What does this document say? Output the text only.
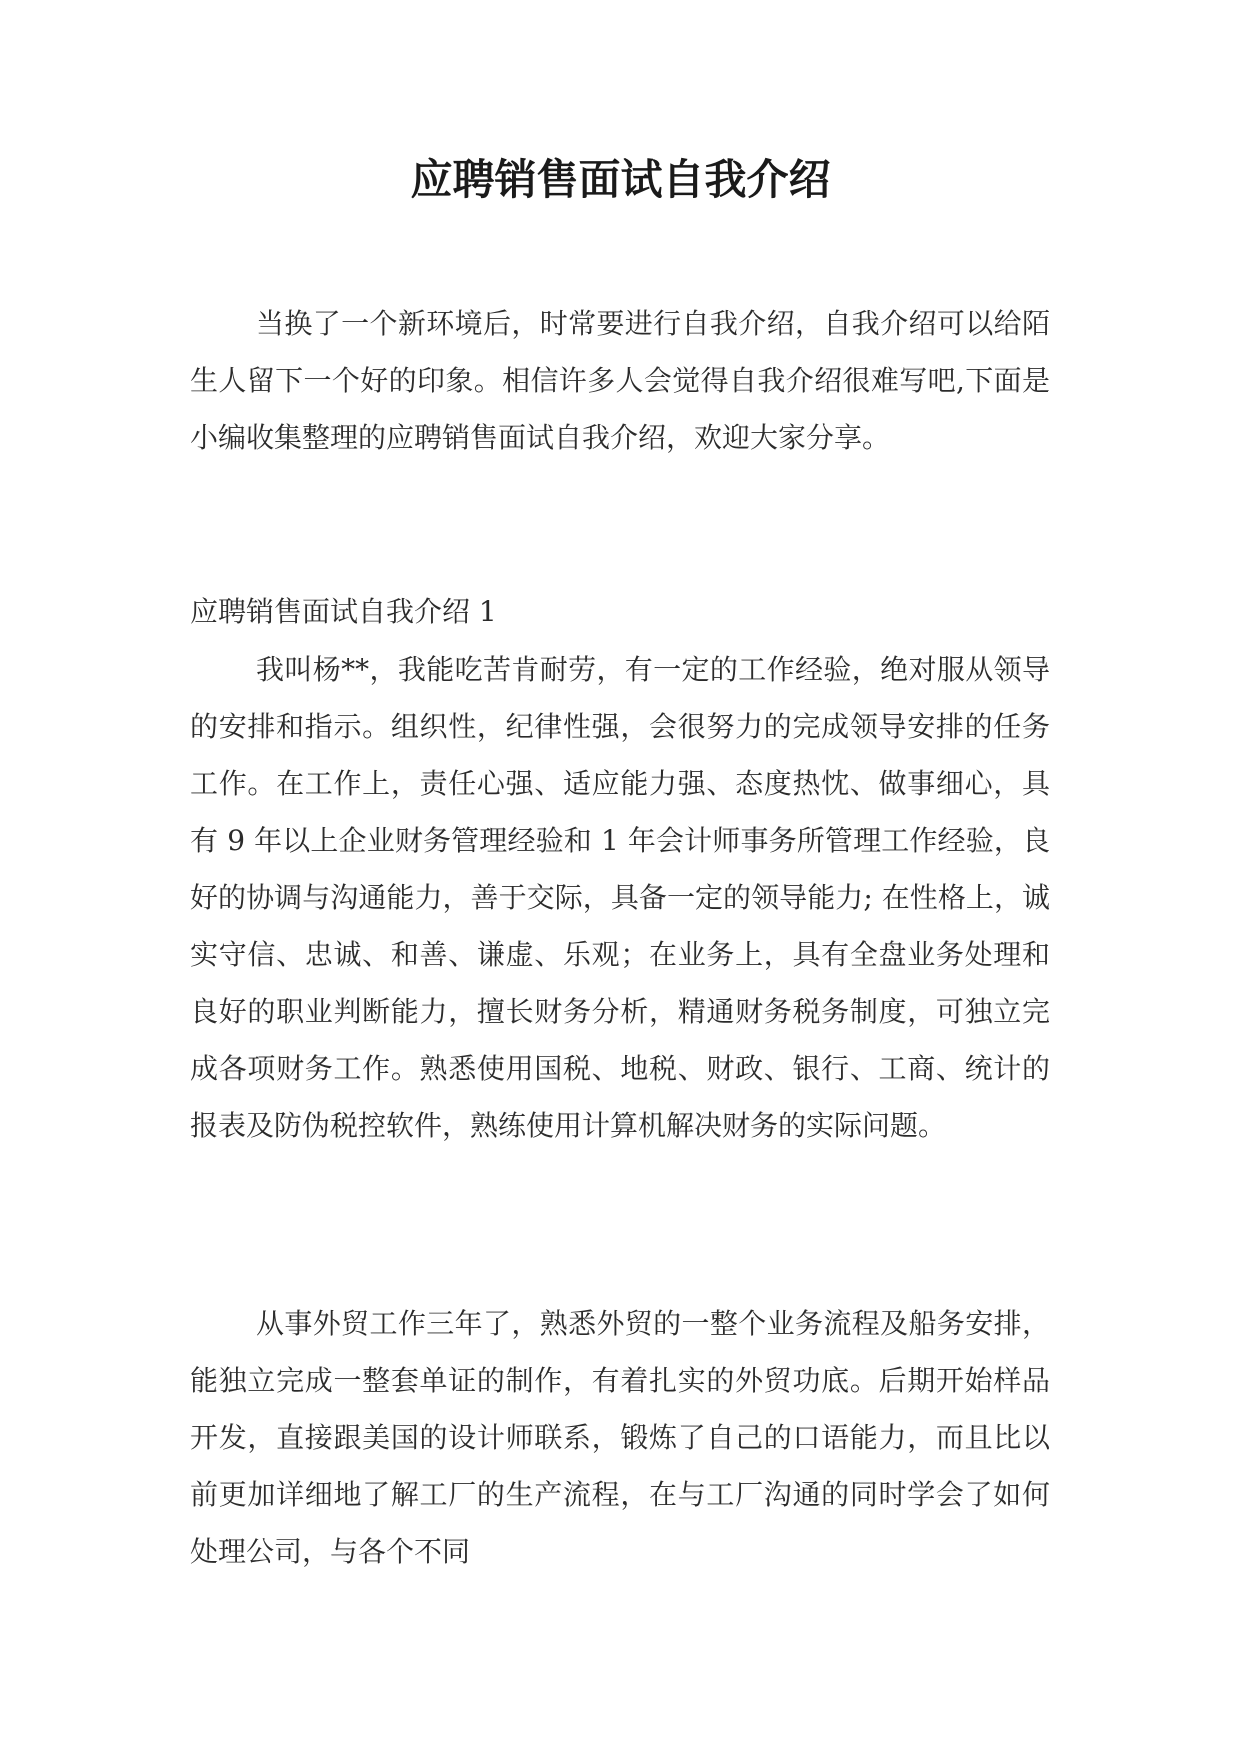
应聘销售面试自我介绍

当换了一个新环境后，时常要进行自我介绍，自我介绍可以给陌生人留下一个好的印象。相信许多人会觉得自我介绍很难写吧,下面是小编收集整理的应聘销售面试自我介绍，欢迎大家分享。

应聘销售面试自我介绍 1

我叫杨**，我能吃苦肯耐劳，有一定的工作经验，绝对服从领导的安排和指示。组织性，纪律性强，会很努力的完成领导安排的任务工作。在工作上，责任心强、适应能力强、态度热忱、做事细心，具有 9 年以上企业财务管理经验和 1 年会计师事务所管理工作经验，良好的协调与沟通能力，善于交际，具备一定的领导能力; 在性格上，诚实守信、忠诚、和善、谦虚、乐观；在业务上，具有全盘业务处理和良好的职业判断能力，擅长财务分析，精通财务税务制度，可独立完成各项财务工作。熟悉使用国税、地税、财政、银行、工商、统计的报表及防伪税控软件，熟练使用计算机解决财务的实际问题。

从事外贸工作三年了，熟悉外贸的一整个业务流程及船务安排，能独立完成一整套单证的制作，有着扎实的外贸功底。后期开始样品开发，直接跟美国的设计师联系，锻炼了自己的口语能力，而且比以前更加详细地了解工厂的生产流程，在与工厂沟通的同时学会了如何处理公司，与各个不同
